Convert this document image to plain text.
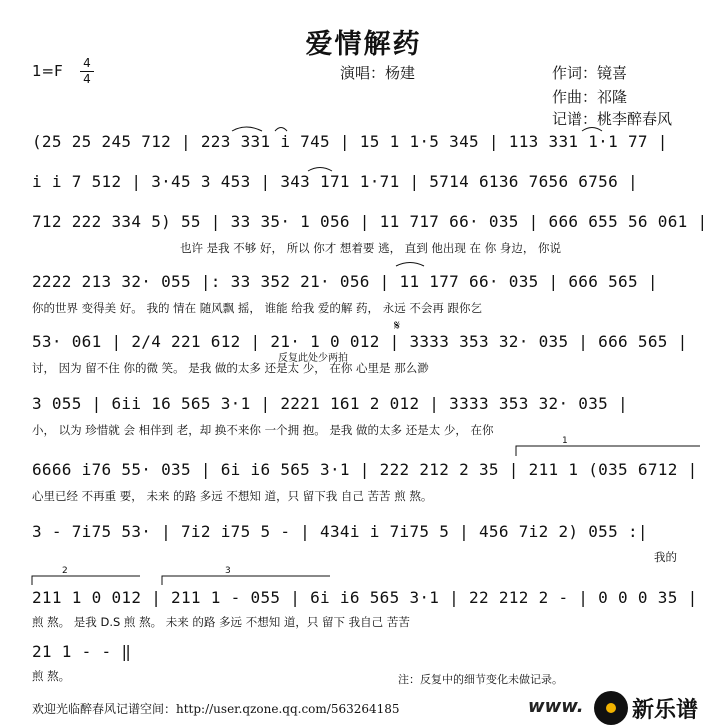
爱情解药
1=F 4
4	演唱：杨建	作词：镜喜
作曲：祁隆
记谱：桃李醉春风
(25 25 245 712 | 223 331 i 745 | 15 1 1·5 345 | 113 331 1·1 77 |
i i 7 512 | 3·45 3 453 | 343 171 1·71 | 5714 6136 7656 6756 |
712 222 334 5) 55 | 33 35· 1 056 | 11 717 66· 035 | 666 655 56 061 |
也许 是我 不够 好， 所以 你才 想着要 逃， 直到 他出现 在 你 身边， 你说
2222 213 32· 055 |: 33 352 21· 056 | 11 177 66· 035 | 666 565 |
你的世界 变得美 好。 我的 情在 随风飘 摇， 谁能 给我 爱的解 药， 永远 不会再 跟你乞
53· 061 | 2/4 221 612 | 21· 1 0 012 | 3333 353 32· 035 | 666 565 |
讨， 因为 留不住 你的微 笑。 是我 做的太多 还是太 少， 在你 心里是 那么渺
反复此处少两拍
𝄋
3 055 | 6ii 16 565 3·1 | 2221 161 2 012 | 3333 353 32· 035 |
小， 以为 珍惜就 会 相伴到 老，却 换不来你 一个拥 抱。 是我 做的太多 还是太 少， 在你
6666 i76 55· 035 | 6i i6 565 3·1 | 222 212 2 35 | 211 1 (035 6712 |
心里已经 不再重 要， 未来 的路 多远 不想知 道，只 留下我 自己 苦苦 煎 熬。
3 - 7i75 53· | 7i2 i75 5 - | 434i i 7i75 5 | 456 7i2 2) 055 :|
我的
211 1 0 012 | 211 1 - 055 | 6i i6 565 3·1 | 22 212 2 - | 0 0 0 35 |
煎 熬。 是我 D.S 煎 熬。 未来 的路 多远 不想知 道，只 留下 我自己 苦苦
21 1 - - ‖
煎 熬。
1
2	3
注：反复中的细节变化未做记录。
欢迎光临醉春风记谱空间：http://user.qzone.qq.com/563264185	www. 新乐谱
